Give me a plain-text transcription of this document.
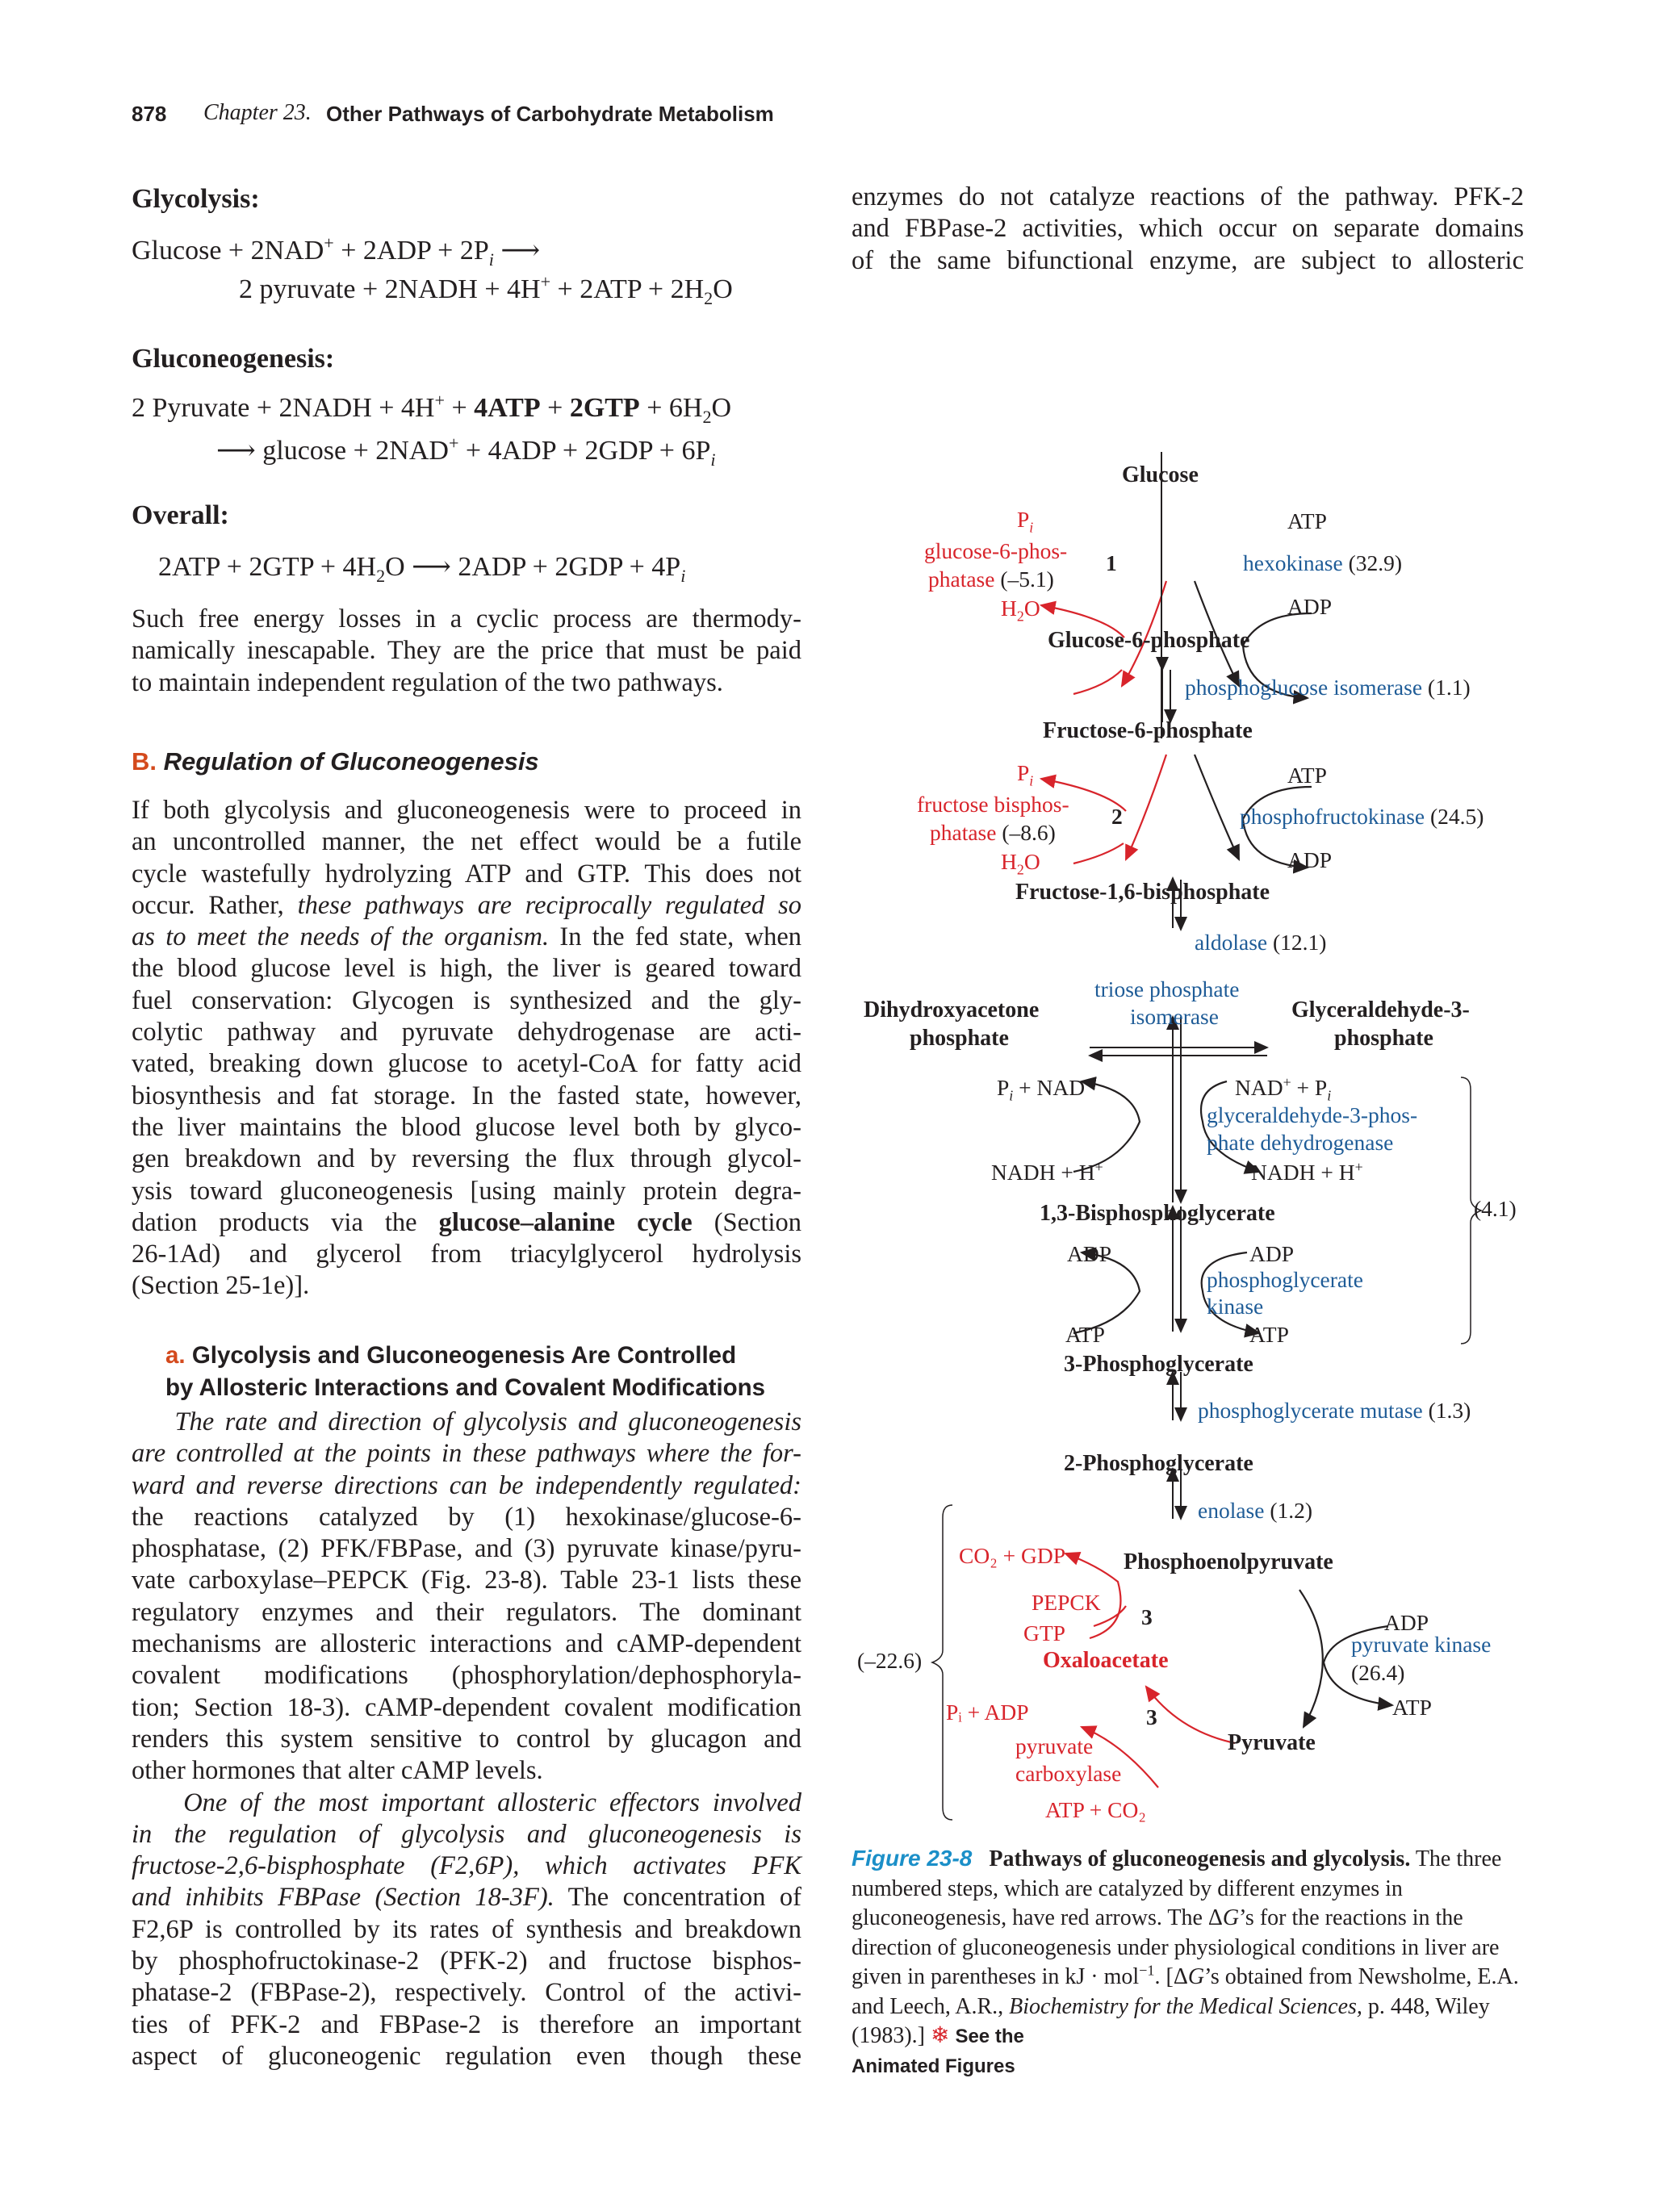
878 Chapter 23. Other Pathways of Carbohydrate Metabolism
Glycolysis:
$Glucose + 2NAD^+ + 2ADP + 2P_i$ ⟶
2 pyruvate + 2NADH + $4H^+ + 2ATP + 2H_2O$
Gluconeogenesis:
2 Pyruvate + 2NADH + $4H^+ + 4ATP + 2GTP + 6H_2O$
⟶ $glucose + 2NAD^+ + 4ADP + 2GDP + 6P_i$
Overall:
$2ATP + 2GTP + 4H_2O$ ⟶ $2ADP + 2GDP + 4P_i$
Such free energy losses in a cyclic process are thermody-
namically inescapable. They are the price that must be paid
to maintain independent regulation of the two pathways.
B. Regulation of Gluconeogenesis
If both glycolysis and gluconeogenesis were to proceed in
an uncontrolled manner, the net effect would be a futile
cycle wastefully hydrolyzing ATP and GTP. This does not
occur. Rather, these pathways are reciprocally regulated so
as to meet the needs of the organism. In the fed state, when
the blood glucose level is high, the liver is geared toward
fuel conservation: Glycogen is synthesized and the gly-
colytic pathway and pyruvate dehydrogenase are acti-
vated, breaking down glucose to acetyl-CoA for fatty acid
biosynthesis and fat storage. In the fasted state, however,
the liver maintains the blood glucose level both by glyco-
gen breakdown and by reversing the flux through glycol-
ysis toward gluconeogenesis [using mainly protein degra-
dation products via the glucose–alanine cycle (Section
26-1Ad) and glycerol from triacylglycerol hydrolysis
(Section 25-1e)].
a. Glycolysis and Gluconeogenesis Are Controlled
by Allosteric Interactions and Covalent Modifications
The rate and direction of glycolysis and gluconeogenesis
are controlled at the points in these pathways where the for-
ward and reverse directions can be independently regulated:
the reactions catalyzed by (1) hexokinase/glucose-6-
phosphatase, (2) PFK/FBPase, and (3) pyruvate kinase/pyru-
vate carboxylase–PEPCK (Fig. 23-8). Table 23-1 lists these
regulatory enzymes and their regulators. The dominant
mechanisms are allosteric interactions and cAMP-dependent
covalent modifications (phosphorylation/dephosphoryla-
tion; Section 18-3). cAMP-dependent covalent modification
renders this system sensitive to control by glucagon and
other hormones that alter cAMP levels.
One of the most important allosteric effectors involved
in the regulation of glycolysis and gluconeogenesis is
fructose-2,6-bisphosphate (F2,6P), which activates PFK
and inhibits FBPase (Section 18-3F). The concentration of
F2,6P is controlled by its rates of synthesis and breakdown
by phosphofructokinase-2 (PFK-2) and fructose bisphos-
phatase-2 (FBPase-2), respectively. Control of the activi-
ties of PFK-2 and FBPase-2 is therefore an important
aspect of gluconeogenic regulation even though these
enzymes do not catalyze reactions of the pathway. PFK-2
and FBPase-2 activities, which occur on separate domains
of the same bifunctional enzyme, are subject to allosteric
Glucose
$P_i$	ATP
glucose-6-phos- 1	hexokinase (32.9)
phatase (–5.1)
$H_2O$	ADP
Glucose-6-phosphate
phosphoglucose isomerase (1.1)
Fructose-6-phosphate
$P_i$	ATP
fructose bisphos- 2	phosphofructokinase (24.5)
phatase (–8.6)
$H_2O$	ADP
Fructose-1,6-bisphosphate
aldolase (12.1)
triose phosphate
isomerase
Dihydroxyacetone
phosphate
Glyceraldehyde-3-
phosphate
$P_i + NAD^+$	$NAD^+ + P_i$
glyceraldehyde-3-phos-
phate dehydrogenase
NADH + H+	NADH + H+
1,3-Bisphosphoglycerate	(4.1)
ADP	ADP
phosphoglycerate
kinase
ATP	ATP
3-Phosphoglycerate
phosphoglycerate mutase (1.3)
2-Phosphoglycerate
enolase (1.2)
CO₂ + GDP	Phosphoenolpyruvate
PEPCK
3	ADP
GTP	pyruvate kinase
(–22.6)	Oxaloacetate	(26.4)
ATP
Pᵢ + ADP	3
pyruvate	Pyruvate
carboxylase
ATP + CO₂
Figure 23-8 Pathways of gluconeogenesis and glycolysis. The three numbered steps, which are catalyzed by different enzymes in gluconeogenesis, have red arrows. The ΔG’s for the reactions in the direction of gluconeogenesis under physiological conditions in liver are given in parentheses in kJ · mol$^{-1}$. [ΔG’s obtained from Newsholme, E.A. and Leech, A.R., Biochemistry for the Medical Sciences, p. 448, Wiley (1983).] ❄ See the
Animated Figures
